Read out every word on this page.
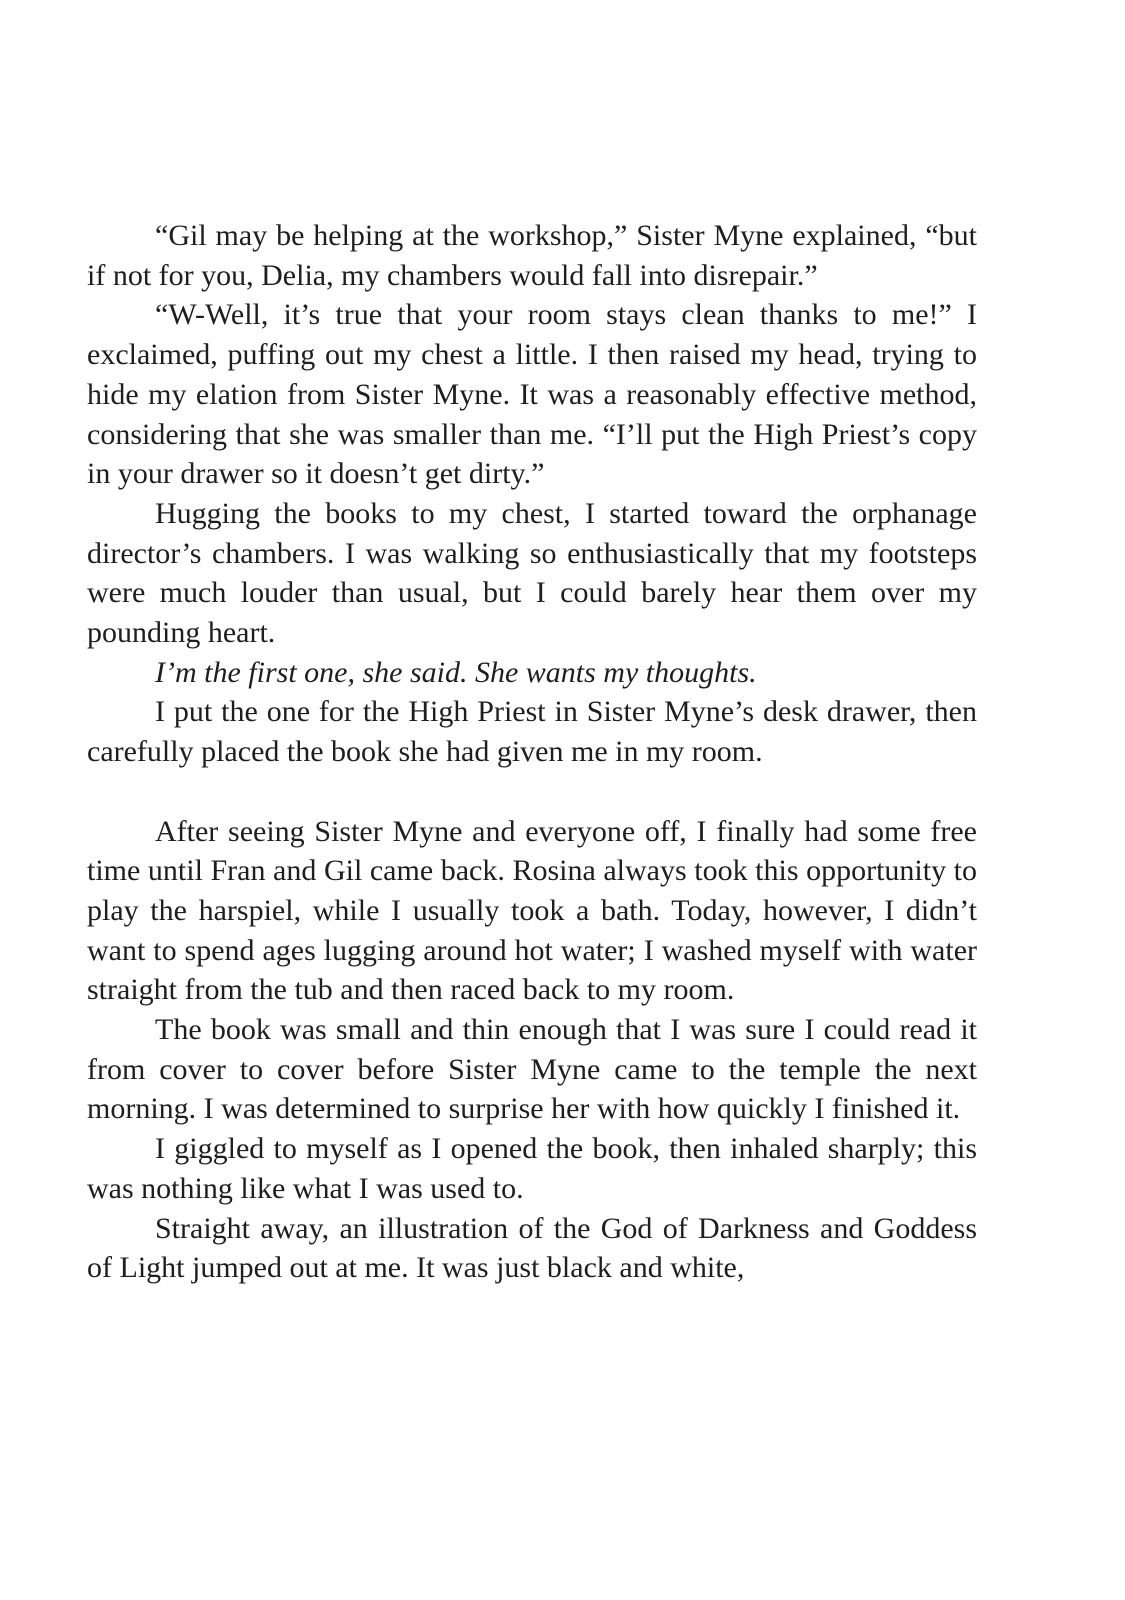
“Gil may be helping at the workshop,” Sister Myne explained, “but if not for you, Delia, my chambers would fall into disrepair.”

“W-Well, it’s true that your room stays clean thanks to me!” I exclaimed, puffing out my chest a little. I then raised my head, trying to hide my elation from Sister Myne. It was a reasonably effective method, considering that she was smaller than me. “I’ll put the High Priest’s copy in your drawer so it doesn’t get dirty.”

Hugging the books to my chest, I started toward the orphanage director’s chambers. I was walking so enthusiastically that my footsteps were much louder than usual, but I could barely hear them over my pounding heart.

I’m the first one, she said. She wants my thoughts.

I put the one for the High Priest in Sister Myne’s desk drawer, then carefully placed the book she had given me in my room.

After seeing Sister Myne and everyone off, I finally had some free time until Fran and Gil came back. Rosina always took this opportunity to play the harspiel, while I usually took a bath. Today, however, I didn’t want to spend ages lugging around hot water; I washed myself with water straight from the tub and then raced back to my room.

The book was small and thin enough that I was sure I could read it from cover to cover before Sister Myne came to the temple the next morning. I was determined to surprise her with how quickly I finished it.

I giggled to myself as I opened the book, then inhaled sharply; this was nothing like what I was used to.

Straight away, an illustration of the God of Darkness and Goddess of Light jumped out at me. It was just black and white,
